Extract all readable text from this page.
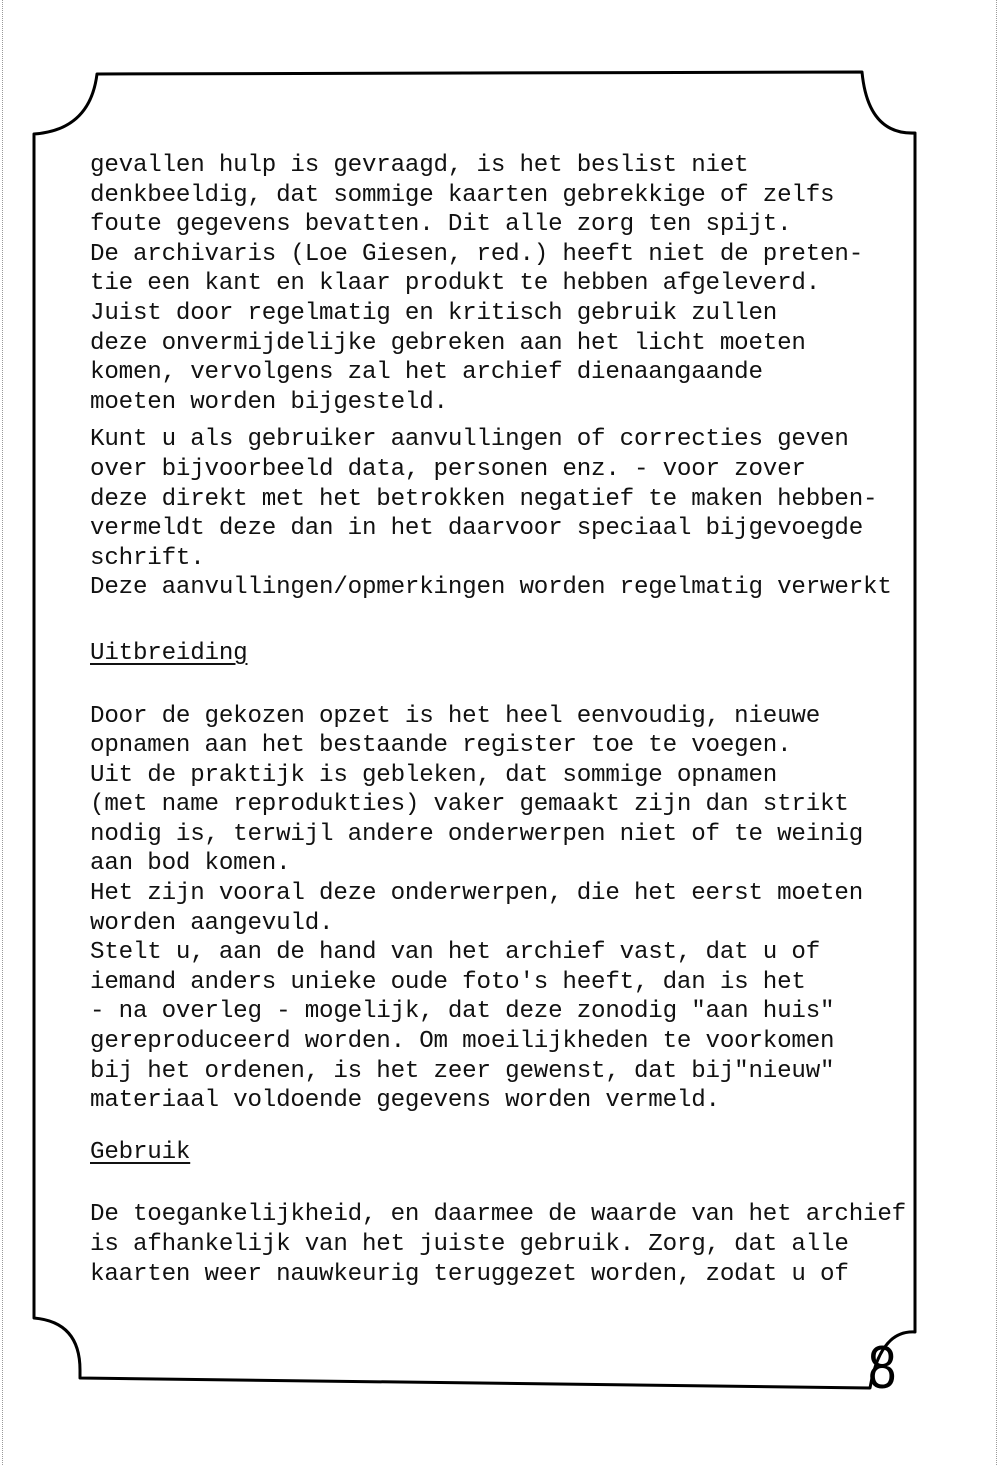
gevallen hulp is gevraagd, is het beslist niet
denkbeeldig, dat sommige kaarten gebrekkige of zelfs
foute gegevens bevatten. Dit alle zorg ten spijt.
De archivaris (Loe Giesen, red.) heeft niet de preten-
tie een kant en klaar produkt te hebben afgeleverd.
Juist door regelmatig en kritisch gebruik zullen
deze onvermijdelijke gebreken aan het licht moeten
komen, vervolgens zal het archief dienaangaande
moeten worden bijgesteld.
Kunt u als gebruiker aanvullingen of correcties geven
over bijvoorbeeld data, personen enz. - voor zover
deze direkt met het betrokken negatief te maken hebben-
vermeldt deze dan in het daarvoor speciaal bijgevoegde
schrift.
Deze aanvullingen/opmerkingen worden regelmatig verwerkt
Uitbreiding
Door de gekozen opzet is het heel eenvoudig, nieuwe
opnamen aan het bestaande register toe te voegen.
Uit de praktijk is gebleken, dat sommige opnamen
(met name reprodukties) vaker gemaakt zijn dan strikt
nodig is, terwijl andere onderwerpen niet of te weinig
aan bod komen.
Het zijn vooral deze onderwerpen, die het eerst moeten
worden aangevuld.
Stelt u, aan de hand van het archief vast, dat u of
iemand anders unieke oude foto's heeft, dan is het
- na overleg - mogelijk, dat deze zonodig "aan huis"
gereproduceerd worden. Om moeilijkheden te voorkomen
bij het ordenen, is het zeer gewenst, dat bij"nieuw"
materiaal voldoende gegevens worden vermeld.
Gebruik
De toegankelijkheid, en daarmee de waarde van het archief
is afhankelijk van het juiste gebruik. Zorg, dat alle
kaarten weer nauwkeurig teruggezet worden, zodat u of
8
